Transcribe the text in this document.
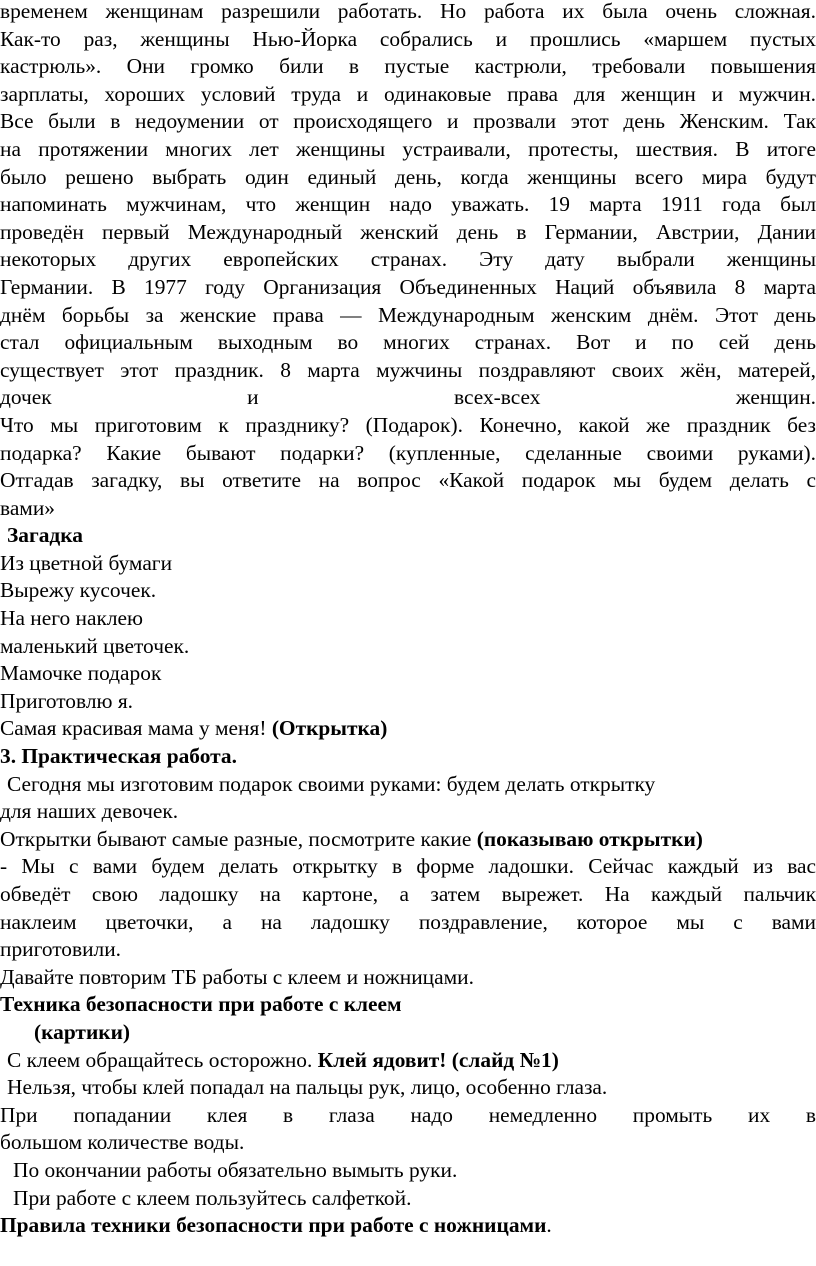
временем женщинам разрешили работать. Но работа их была очень сложная.
Как-то раз, женщины Нью-Йорка собрались и прошлись «маршем пустых
кастрюль». Они громко били в пустые кастрюли, требовали повышения
зарплаты, хороших условий труда и одинаковые права для женщин и мужчин.
Все были в недоумении от происходящего и прозвали этот день Женским. Так
на протяжении многих лет женщины устраивали, протесты, шествия. В итоге
было решено выбрать один единый день, когда женщины всего мира будут
напоминать мужчинам, что женщин надо уважать. 19 марта 1911 года был
проведён первый Международный женский день в Германии, Австрии, Дании
некоторых других европейских странах. Эту дату выбрали женщины
Германии. В 1977 году Организация Объединенных Наций объявила 8 марта
днём борьбы за женские права — Международным женским днём. Этот день
стал официальным выходным во многих странах. Вот и по сей день
существует этот праздник. 8 марта мужчины поздравляют своих жён, матерей,
дочек и всех-всех женщин.
Что мы приготовим к празднику? (Подарок). Конечно, какой же праздник без
подарка? Какие бывают подарки? (купленные, сделанные своими руками).
Отгадав загадку, вы ответите на вопрос «Какой подарок мы будем делать с
вами»
Загадка
Из цветной бумаги
Вырежу кусочек.
На него наклею
маленький цветочек.
Мамочке подарок
Приготовлю я.
Самая красивая мама у меня! (Открытка)
3. Практическая работа.
Сегодня мы изготовим подарок своими руками: будем делать открытку
для наших девочек.
Открытки бывают самые разные, посмотрите какие (показываю открытки)
- Мы с вами будем делать открытку в форме ладошки. Сейчас каждый из вас
обведёт свою ладошку на картоне, а затем вырежет. На каждый пальчик
наклеим цветочки, а на ладошку поздравление, которое мы с вами
приготовили.
Давайте повторим ТБ работы с клеем и ножницами.
Техника безопасности при работе с клеем
(картики)
С клеем обращайтесь осторожно. Клей ядовит! (слайд №1)
Нельзя, чтобы клей попадал на пальцы рук, лицо, особенно глаза.
При попадании клея в глаза надо немедленно промыть их в
большом количестве воды.
По окончании работы обязательно вымыть руки.
При работе с клеем пользуйтесь салфеткой.
Правила техники безопасности при работе с ножницами.
